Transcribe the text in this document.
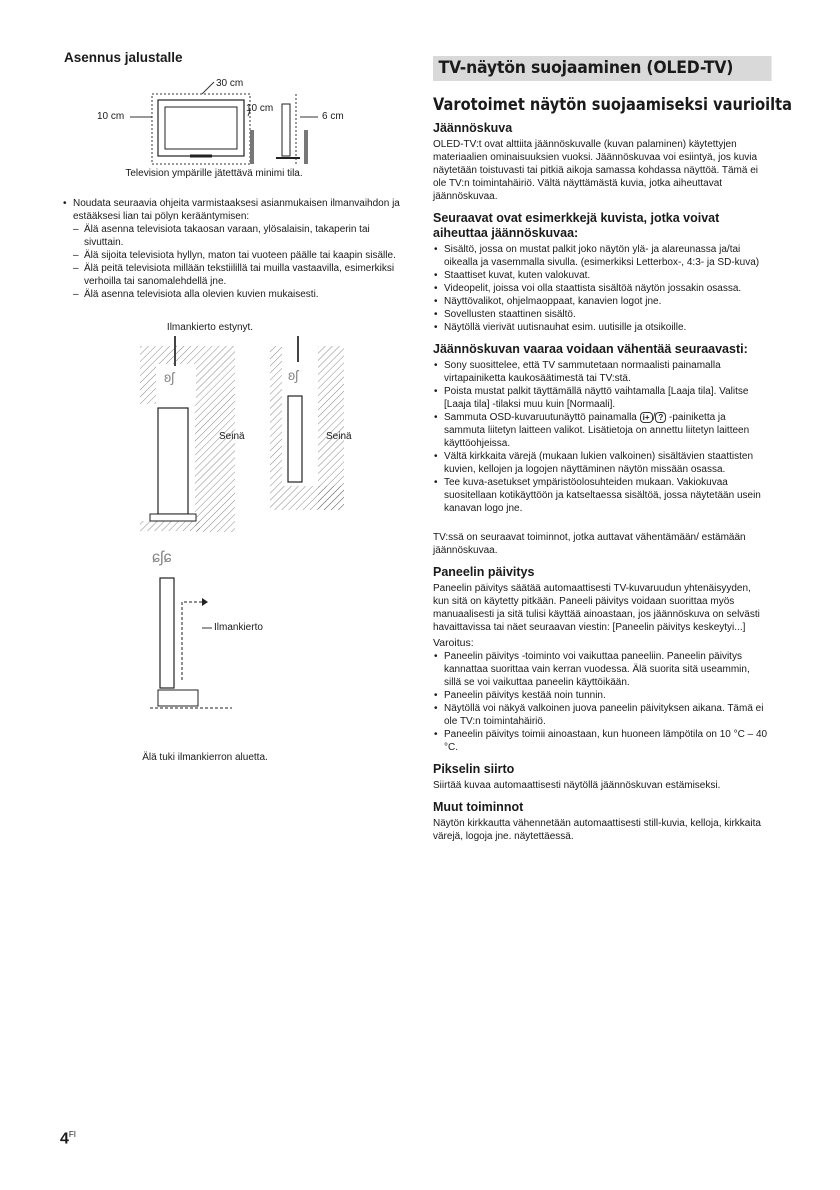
Asennus jalustalle
30 cm
10 cm
10 cm
6 cm
Television ympärille jätettävä minimi tila.
• Noudata seuraavia ohjeita varmistaaksesi asianmukaisen ilmanvaihdon ja estääksesi lian tai pölyn kerääntymisen:
– Älä asenna televisiota takaosan varaan, ylösalaisin, takaperin tai sivuttain.
– Älä sijoita televisiota hyllyn, maton tai vuoteen päälle tai kaapin sisälle.
– Älä peitä televisiota millään tekstiilillä tai muilla vastaavilla, esimerkiksi verhoilla tai sanomalehdellä jne.
– Älä asenna televisiota alla olevien kuvien mukaisesti.
Ilmankierto estynyt.
ʚʃ	ʚʃ
Seinä	Seinä
ɕʃɕ
Ilmankierto
Älä tuki ilmankierron aluetta.
TV-näytön suojaaminen (OLED-TV)
Varotoimet näytön suojaamiseksi vaurioilta
Jäännöskuva

OLED-TV:t ovat alttiita jäännöskuvalle (kuvan palaminen) käytettyjen materiaalien ominaisuuksien vuoksi. Jäännöskuvaa voi esiintyä, jos kuvia näytetään toistuvasti tai pitkiä aikoja samassa kohdassa näyttöä. Tämä ei ole TV:n toimintahäiriö. Vältä näyttämästä kuvia, jotka aiheuttavat jäännöskuvaa.

Seuraavat ovat esimerkkejä kuvista, jotka voivat aiheuttaa jäännöskuvaa:
• Sisältö, jossa on mustat palkit joko näytön ylä- ja alareunassa ja/tai oikealla ja vasemmalla sivulla. (esimerkiksi Letterbox-, 4:3- ja SD-kuva)
• Staattiset kuvat, kuten valokuvat.
• Videopelit, joissa voi olla staattista sisältöä näytön jossakin osassa.
• Näyttövalikot, ohjelmaoppaat, kanavien logot jne.
• Sovellusten staattinen sisältö.
• Näytöllä vierivät uutisnauhat esim. uutisille ja otsikoille.
Jäännöskuvan vaaraa voidaan vähentää seuraavasti:
• Sony suosittelee, että TV sammutetaan normaalisti painamalla virtapainiketta kaukosäätimestä tai TV:stä.
• Poista mustat palkit täyttämällä näyttö vaihtamalla [Laaja tila]. Valitse [Laaja tila] -tilaksi muu kuin [Normaali].
• Sammuta OSD-kuvaruutunäyttö painamalla i+ / ? -painiketta ja sammuta liitetyn laitteen valikot. Lisätietoja on annettu liitetyn laitteen käyttöohjeissa.
• Vältä kirkkaita värejä (mukaan lukien valkoinen) sisältävien staattisten kuvien, kellojen ja logojen näyttäminen näytön missään osassa.
• Tee kuva-asetukset ympäristöolosuhteiden mukaan. Vakiokuvaa suositellaan kotikäyttöön ja katseltaessa sisältöä, jossa näytetään usein kanavan logo jne.

TV:ssä on seuraavat toiminnot, jotka auttavat vähentämään/ estämään jäännöskuvaa.

Paneelin päivitys

Paneelin päivitys säätää automaattisesti TV-kuvaruudun yhtenäisyyden, kun sitä on käytetty pitkään. Paneeli päivitys voidaan suorittaa myös manuaalisesti ja sitä tulisi käyttää ainoastaan, jos jäännöskuva on selvästi havaittavissa tai näet seuraavan viestin: [Paneelin päivitys keskeytyi...]

Varoitus:

• Paneelin päivitys -toiminto voi vaikuttaa paneeliin. Paneelin päivitys kannattaa suorittaa vain kerran vuodessa. Älä suorita sitä useammin, sillä se voi vaikuttaa paneelin käyttöikään.
• Paneelin päivitys kestää noin tunnin.
• Näytöllä voi näkyä valkoinen juova paneelin päivityksen aikana. Tämä ei ole TV:n toimintahäiriö.
• Paneelin päivitys toimii ainoastaan, kun huoneen lämpötila on 10 °C – 40 °C.
Pikselin siirto

Siirtää kuvaa automaattisesti näytöllä jäännöskuvan estämiseksi.

Muut toiminnot

Näytön kirkkautta vähennetään automaattisesti still-kuvia, kelloja, kirkkaita värejä, logoja jne. näytettäessä.

$4^{FI}$
